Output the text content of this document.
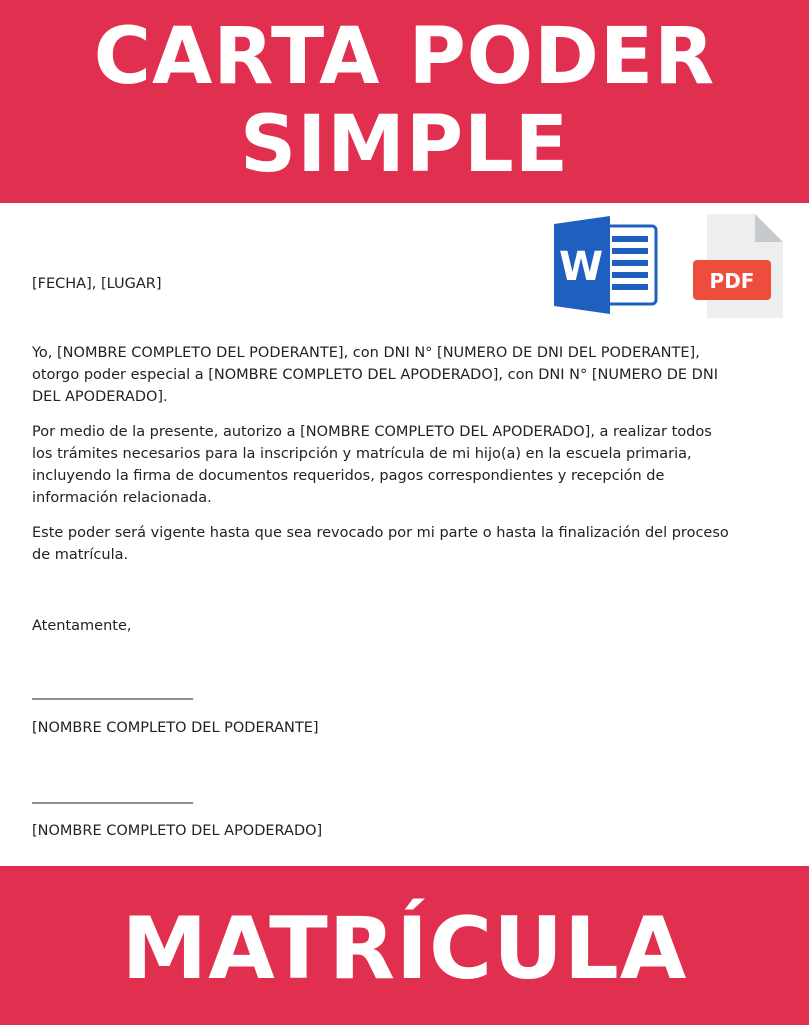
CARTA PODER
SIMPLE
W	PDF
[FECHA], [LUGAR]

Yo, [NOMBRE COMPLETO DEL PODERANTE], con DNI N° [NUMERO DE DNI DEL PODERANTE], otorgo poder especial a [NOMBRE COMPLETO DEL APODERADO], con DNI N° [NUMERO DE DNI DEL APODERADO].

Por medio de la presente, autorizo a [NOMBRE COMPLETO DEL APODERADO], a realizar todos los trámites necesarios para la inscripción y matrícula de mi hijo(a) en la escuela primaria, incluyendo la firma de documentos requeridos, pagos correspondientes y recepción de información relacionada.

Este poder será vigente hasta que sea revocado por mi parte o hasta la finalización del proceso de matrícula.

Atentamente,
_______________________
[NOMBRE COMPLETO DEL PODERANTE]
_______________________
[NOMBRE COMPLETO DEL APODERADO]
MATRÍCULA
